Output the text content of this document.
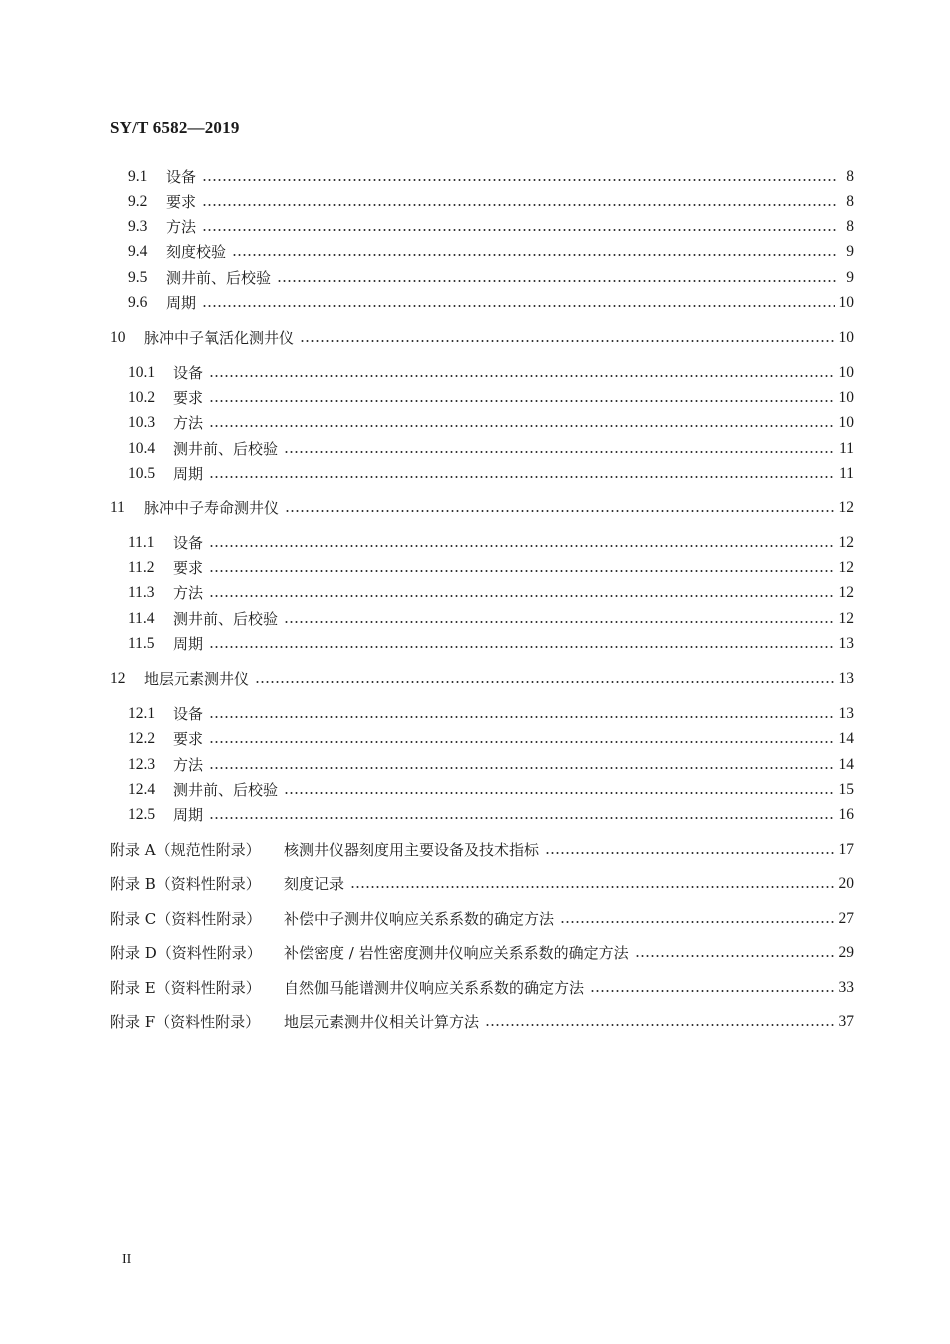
SY/T 6582—2019
9.1	设备	8
9.2	要求	8
9.3	方法	8
9.4	刻度校验	9
9.5	测井前、后校验	9
9.6	周期	10
10	脉冲中子氧活化测井仪	10
10.1	设备	10
10.2	要求	10
10.3	方法	10
10.4	测井前、后校验	11
10.5	周期	11
11	脉冲中子寿命测井仪	12
11.1	设备	12
11.2	要求	12
11.3	方法	12
11.4	测井前、后校验	12
11.5	周期	13
12	地层元素测井仪	13
12.1	设备	13
12.2	要求	14
12.3	方法	14
12.4	测井前、后校验	15
12.5	周期	16
附录 A（规范性附录）	核测井仪器刻度用主要设备及技术指标	17
附录 B（资料性附录）	刻度记录	20
附录 C（资料性附录）	补偿中子测井仪响应关系系数的确定方法	27
附录 D（资料性附录）	补偿密度 / 岩性密度测井仪响应关系系数的确定方法	29
附录 E（资料性附录）	自然伽马能谱测井仪响应关系系数的确定方法	33
附录 F（资料性附录）	地层元素测井仪相关计算方法	37
II
